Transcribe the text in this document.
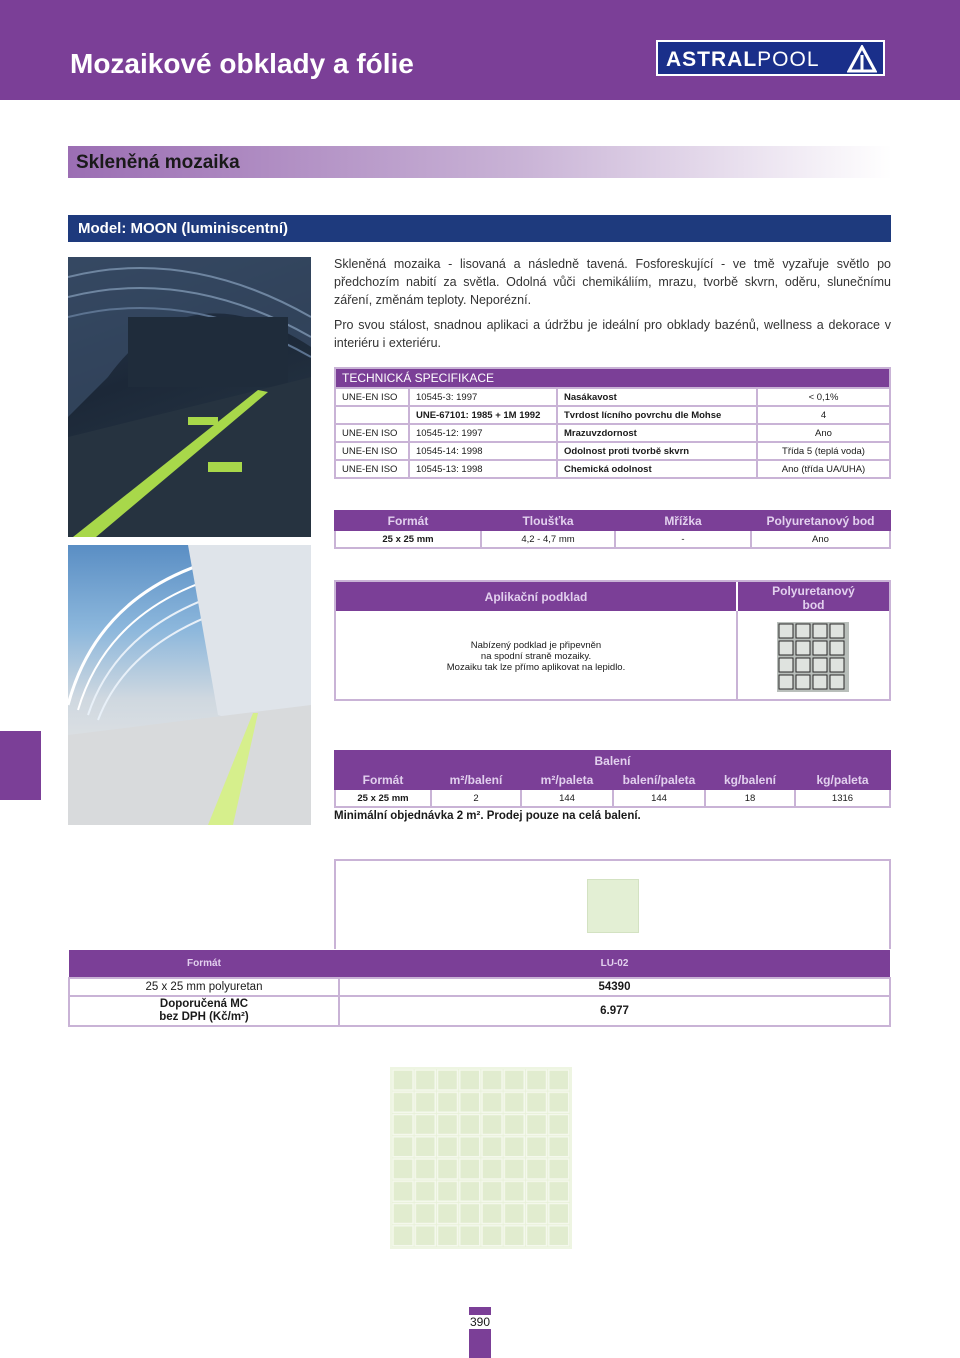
Mozaikové obklady a fólie	ASTRALPOOL
Skleněná mozaika
Model: MOON (luminiscentní)
Skleněná mozaika - lisovaná a následně tavená. Fosforeskující - ve tmě vyzařuje světlo po předchozím nabití za světla. Odolná vůči chemikáliím, mrazu, tvorbě skvrn, oděru, slunečnímu záření, změnám teploty. Neporézní.
Pro svou stálost, snadnou aplikaci a údržbu je ideální pro obklady bazénů, wellness a dekorace v interiéru i exteriéru.
TECHNICKÁ SPECIFIKACE			
UNE-EN ISO	10545-3: 1997	Nasákavost	< 0,1%
	UNE-67101: 1985 + 1M 1992	Tvrdost lícního povrchu dle Mohse	4
UNE-EN ISO	10545-12: 1997	Mrazuvzdornost	Ano
UNE-EN ISO	10545-14: 1998	Odolnost proti tvorbě skvrn	Třída 5 (teplá voda)
UNE-EN ISO	10545-13: 1998	Chemická odolnost	Ano (třída UA/UHA)
Formát	Tloušťka	Mřížka	Polyuretanový bod
25 x 25 mm	4,2 - 4,7 mm	-	Ano
Aplikační podklad	Polyuretanový bod
Nabízený podklad je připevněn
na spodní straně mozaiky.
Mozaiku tak lze přímo aplikovat na lepidlo.
Balení					
Formát	m²/balení	m²/paleta	balení/paleta	kg/balení	kg/paleta
25 x 25 mm	2	144	144	18	1316
Minimální objednávka 2 m². Prodej pouze na celá balení.
Formát	LU-02
25 x 25 mm polyuretan	54390

Doporučená MC
bez DPH (Kč/m²)	6.977
390
